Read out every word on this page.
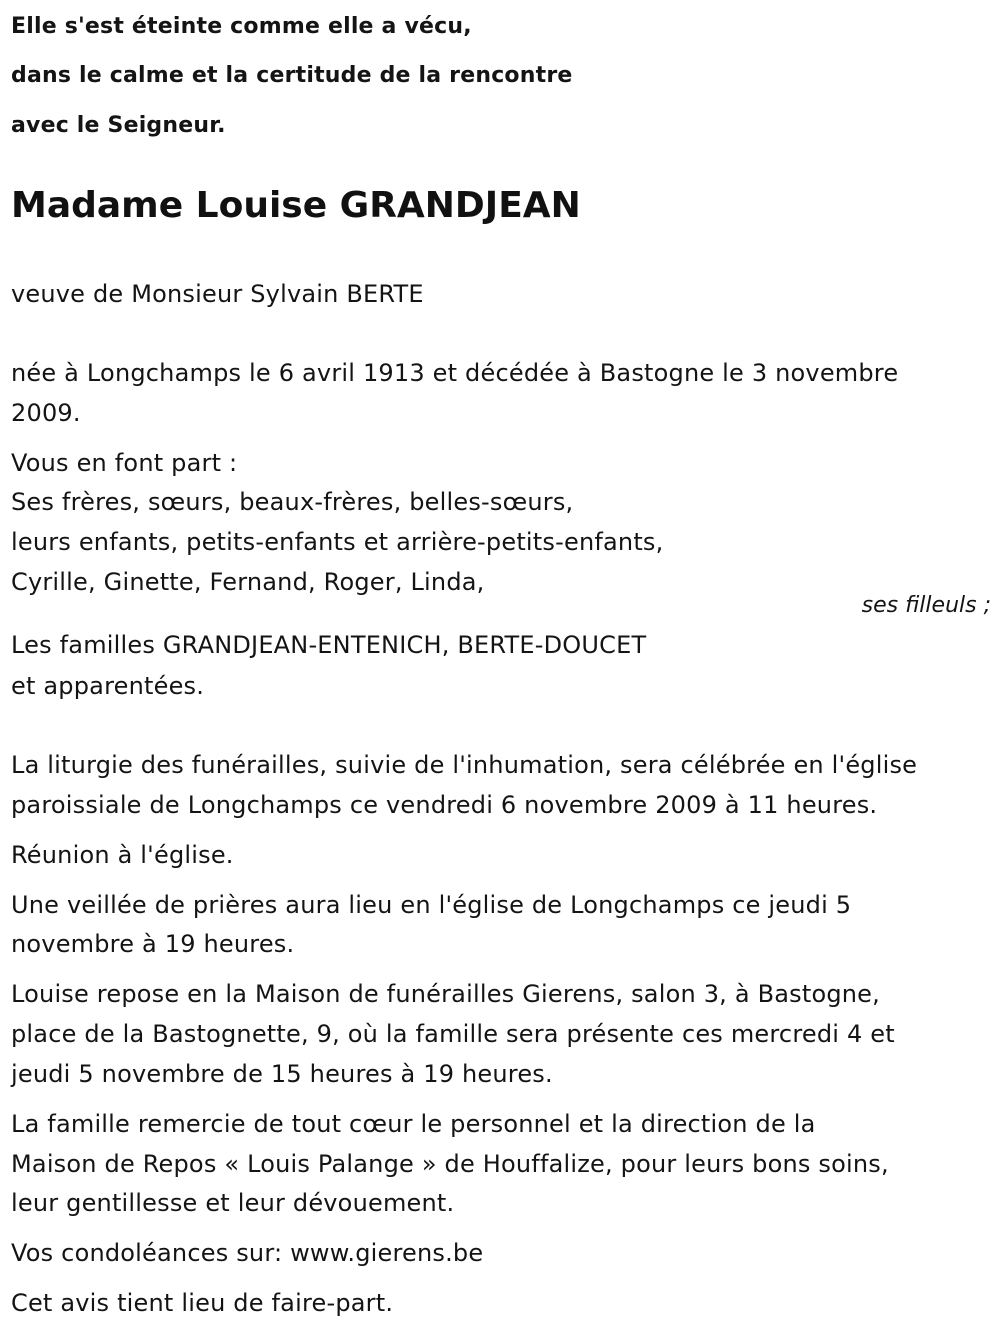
Elle s'est éteinte comme elle a vécu,
dans le calme et la certitude de la rencontre
avec le Seigneur.
Madame Louise GRANDJEAN
veuve de Monsieur Sylvain BERTE
née à Longchamps le 6 avril 1913 et décédée à Bastogne le 3 novembre
2009.
Vous en font part :
Ses frères, sœurs, beaux-frères, belles-sœurs,
leurs enfants, petits-enfants et arrière-petits-enfants,
Cyrille, Ginette, Fernand, Roger, Linda,
ses filleuls ;
Les familles GRANDJEAN-ENTENICH, BERTE-DOUCET
et apparentées.
La liturgie des funérailles, suivie de l'inhumation, sera célébrée en l'église
paroissiale de Longchamps ce vendredi 6 novembre 2009 à 11 heures.
Réunion à l'église.
Une veillée de prières aura lieu en l'église de Longchamps ce jeudi 5
novembre à 19 heures.
Louise repose en la Maison de funérailles Gierens, salon 3, à Bastogne,
place de la Bastognette, 9, où la famille sera présente ces mercredi 4 et
jeudi 5 novembre de 15 heures à 19 heures.
La famille remercie de tout cœur le personnel et la direction de la
Maison de Repos « Louis Palange » de Houffalize, pour leurs bons soins,
leur gentillesse et leur dévouement.
Vos condoléances sur: www.gierens.be
Cet avis tient lieu de faire-part.
